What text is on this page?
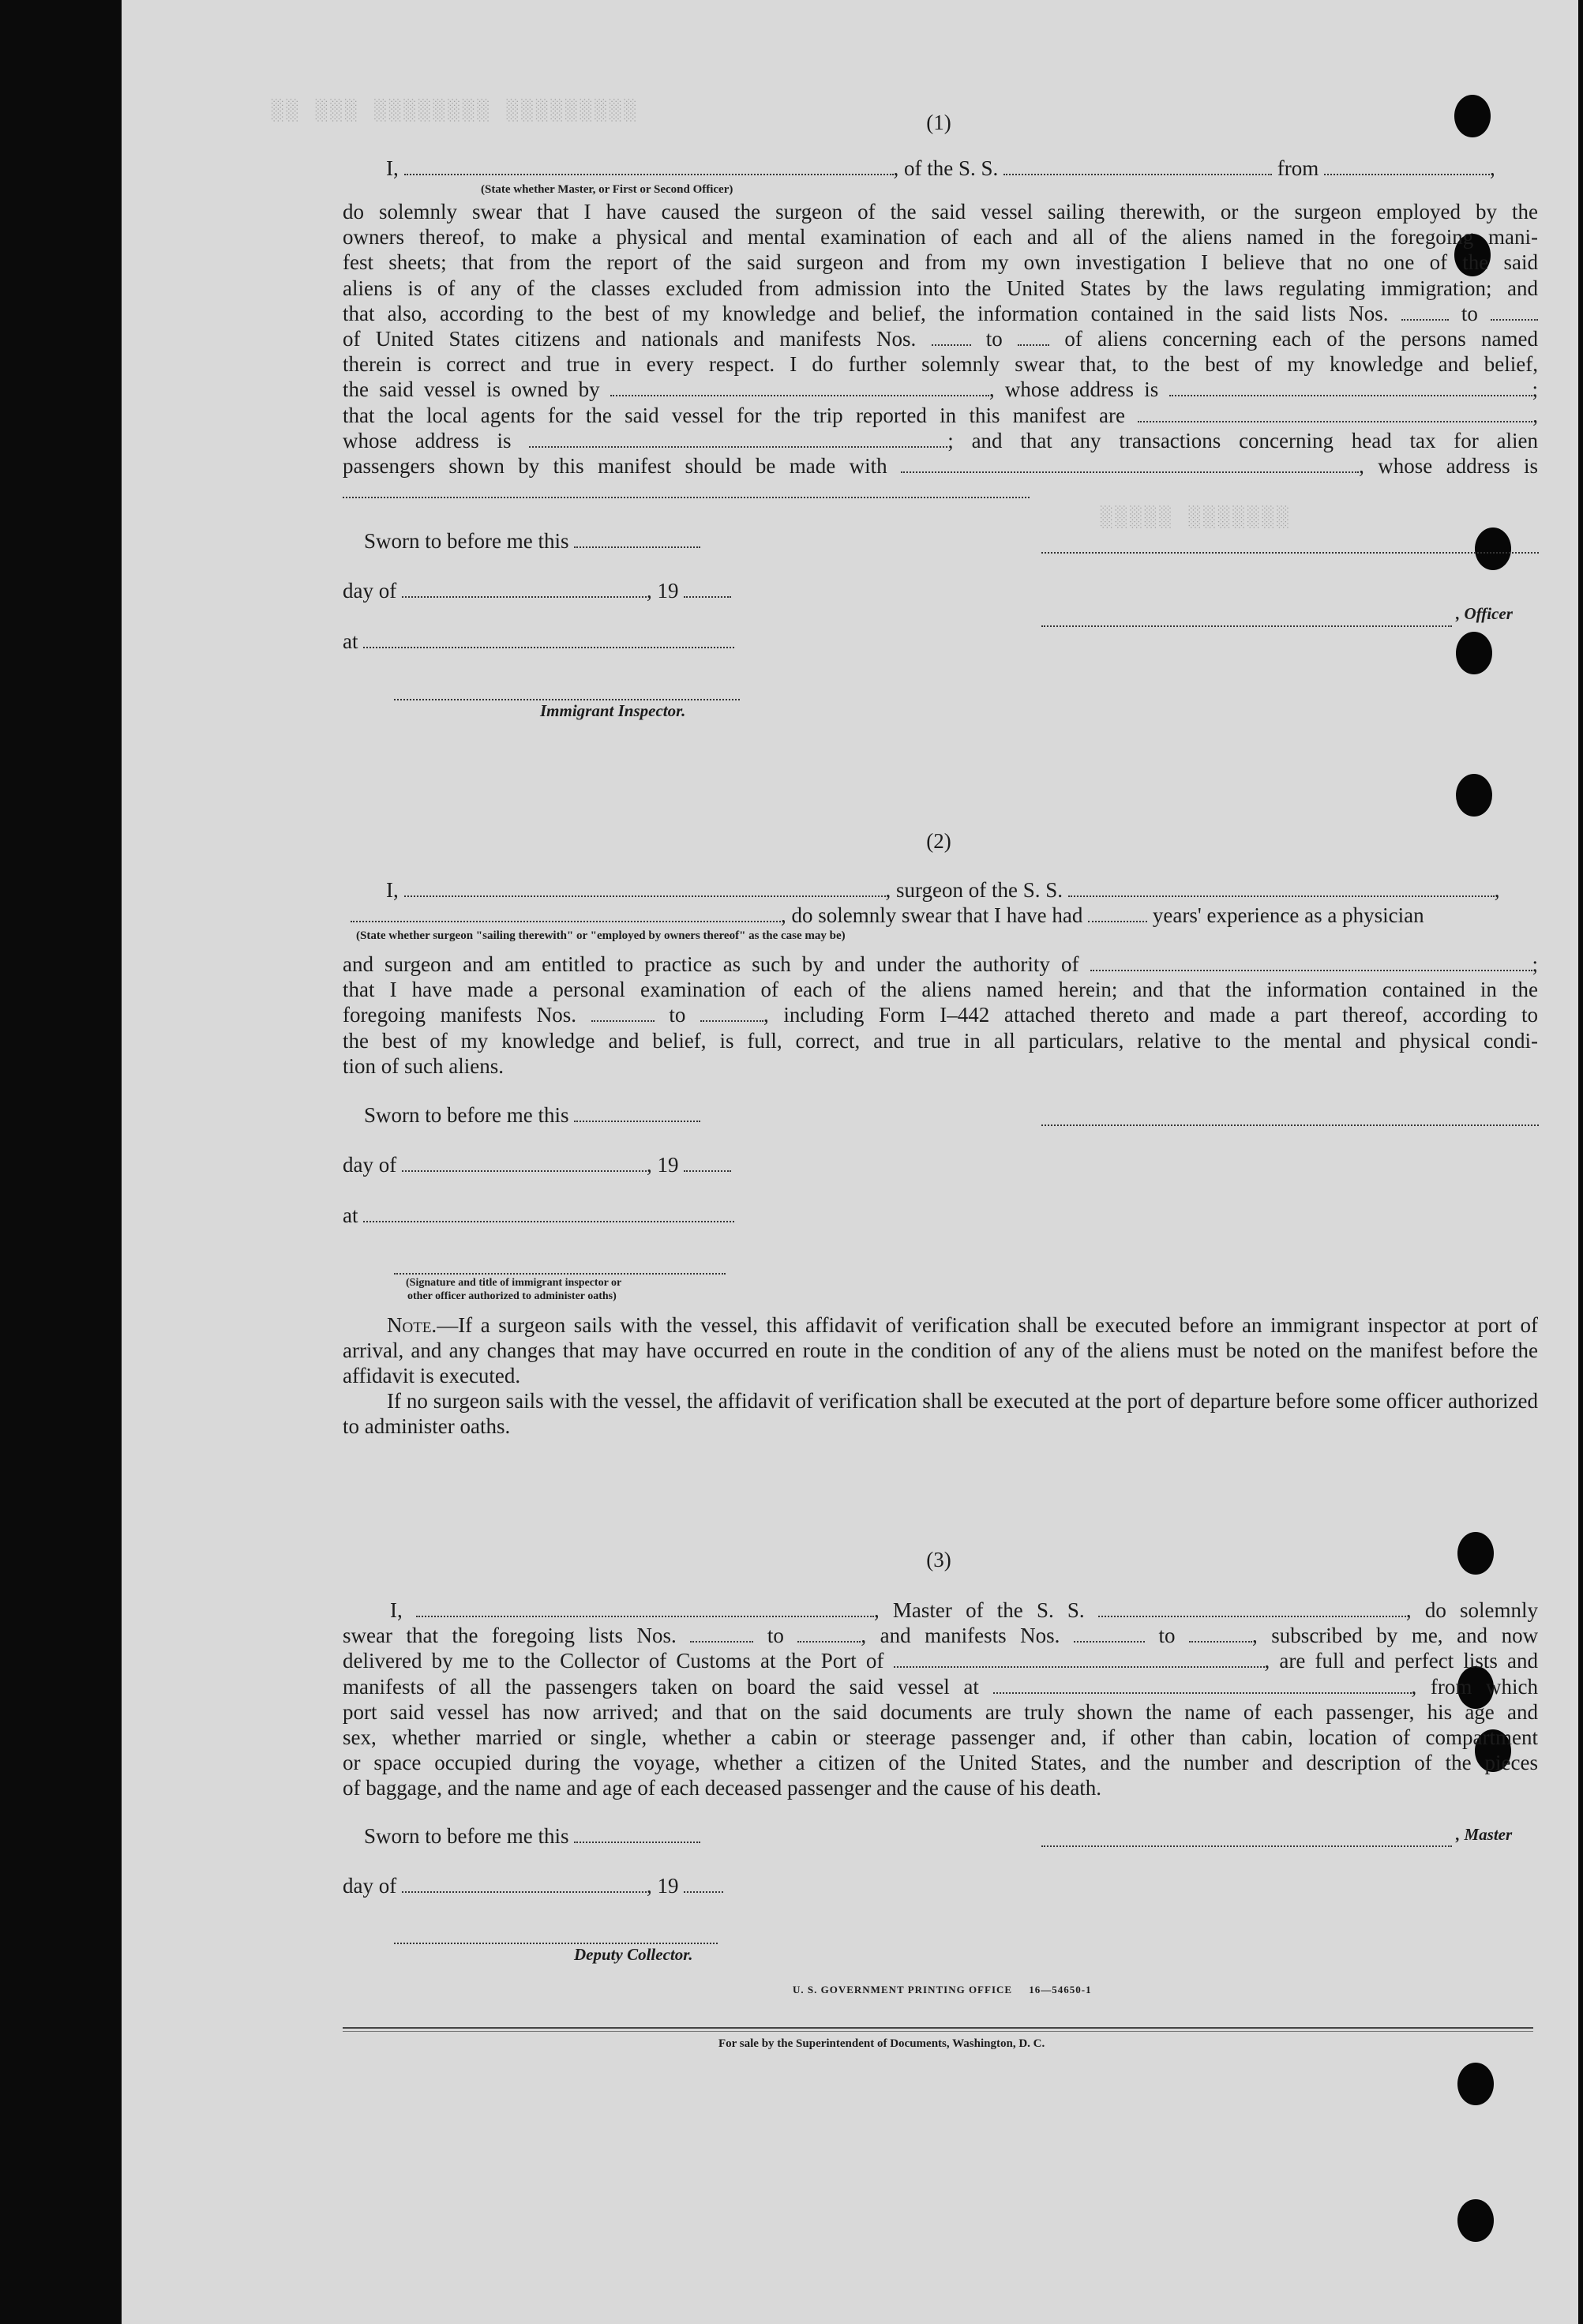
░░ ░░░ ░░░░░░░░ ░░░░░░░░░
░░░░░ ░░░░░░░
(1)
I,	, of the S. S.	from	,
(State whether Master, or First or Second Officer)
do solemnly swear that I have caused the surgeon of the said vessel sailing therewith, or the surgeon employed by the
owners thereof, to make a physical and mental examination of each and all of the aliens named in the foregoing mani-
fest sheets; that from the report of the said surgeon and from my own investigation I believe that no one of the said
aliens is of any of the classes excluded from admission into the United States by the laws regulating immigration; and
that also, according to the best of my knowledge and belief, the information contained in the said lists Nos.	to
of United States citizens and nationals and manifests Nos.	to	of aliens concerning each of the persons named
therein is correct and true in every respect. I do further solemnly swear that, to the best of my knowledge and belief,
the said vessel is owned by	, whose address is	;
that the local agents for the said vessel for the trip reported in this manifest are	,
whose address is	; and that any transactions concerning head tax for alien
passengers shown by this manifest should be made with	, whose address is
Sworn to before me this
day of	, 19
, Officer
at
Immigrant Inspector.
(2)
I,	, surgeon of the S. S.	,
, do solemnly swear that I have had	years' experience as a physician
(State whether surgeon "sailing therewith" or "employed by owners thereof" as the case may be)
and surgeon and am entitled to practice as such by and under the authority of	;
that I have made a personal examination of each of the aliens named herein; and that the information contained in the
foregoing manifests Nos.	to	, including Form I–442 attached thereto and made a part thereof, according to
the best of my knowledge and belief, is full, correct, and true in all particulars, relative to the mental and physical condi-
tion of such aliens.
Sworn to before me this
day of	, 19
at
(Signature and title of immigrant inspector or
other officer authorized to administer oaths)
Note.—If a surgeon sails with the vessel, this affidavit of verification shall be executed before an immigrant inspector at port of arrival, and any changes that may have occurred en route in the condition of any of the aliens must be noted on the manifest before the affidavit is executed.
If no surgeon sails with the vessel, the affidavit of verification shall be executed at the port of departure before some officer authorized to administer oaths.
(3)
I,	, Master of the S. S.	, do solemnly
swear that the foregoing lists Nos.	to	, and manifests Nos.	to	, subscribed by me, and now
delivered by me to the Collector of Customs at the Port of	, are full and perfect lists and
manifests of all the passengers taken on board the said vessel at	, from which
port said vessel has now arrived; and that on the said documents are truly shown the name of each passenger, his age and
sex, whether married or single, whether a cabin or steerage passenger and, if other than cabin, location of compartment
or space occupied during the voyage, whether a citizen of the United States, and the number and description of the pieces
of baggage, and the name and age of each deceased passenger and the cause of his death.
Sworn to before me this	, Master
day of	, 19
Deputy Collector.
U. S. GOVERNMENT PRINTING OFFICE     16—54650-1
For sale by the Superintendent of Documents, Washington, D. C.
